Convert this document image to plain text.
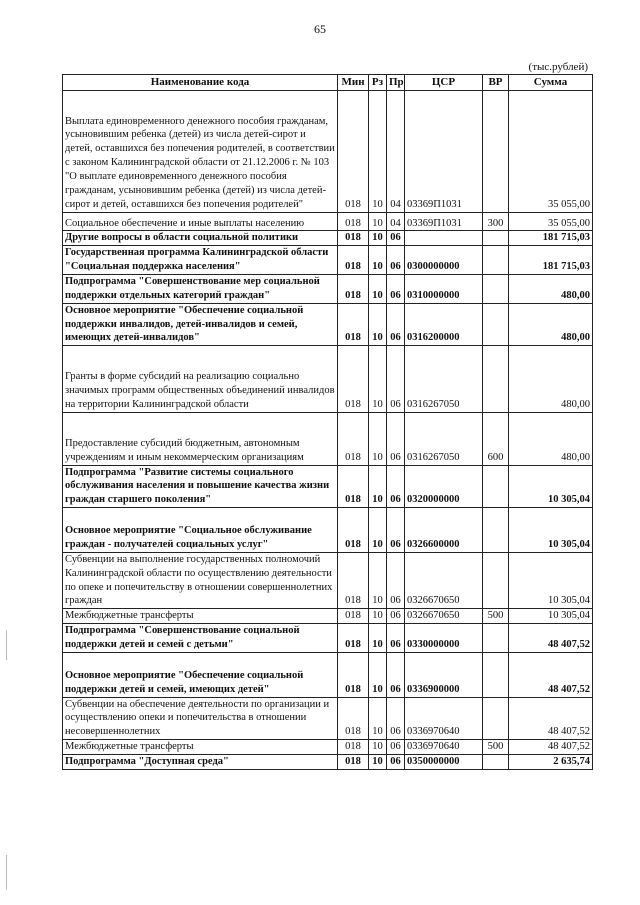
65
(тыс.рублей)
Наименование кода	Мин	Рз	Пр	ЦСР	ВР	Сумма
Выплата единовременного денежного пособия гражданам, усыновившим ребенка (детей) из числа детей-сирот и детей, оставшихся без попечения родителей, в соответствии с законом Калининградской области от 21.12.2006 г. № 103 "О выплате единовременного денежного пособия гражданам, усыновившим ребенка (детей) из числа детей-сирот и детей, оставшихся без попечения родителей"	018	10	04	03369П1031		35 055,00
Социальное обеспечение и иные выплаты населению	018	10	04	03369П1031	300	35 055,00
Другие вопросы в области социальной политики	018	10	06			181 715,03
Государственная программа Калининградской области "Социальная поддержка населения"	018	10	06	0300000000		181 715,03
Подпрограмма "Совершенствование мер социальной поддержки отдельных категорий граждан"	018	10	06	0310000000		480,00
Основное мероприятие "Обеспечение социальной поддержки инвалидов, детей-инвалидов и семей, имеющих детей-инвалидов"	018	10	06	0316200000		480,00
Гранты в форме субсидий на реализацию социально значимых программ общественных объединений инвалидов на территории Калининградской области	018	10	06	0316267050		480,00
Предоставление субсидий бюджетным, автономным учреждениям и иным некоммерческим организациям	018	10	06	0316267050	600	480,00
Подпрограмма "Развитие системы социального обслуживания населения и повышение качества жизни граждан старшего поколения"	018	10	06	0320000000		10 305,04
Основное мероприятие "Социальное обслуживание граждан - получателей социальных услуг"	018	10	06	0326600000		10 305,04
Субвенции на выполнение государственных полномочий Калининградской области по осуществлению деятельности по опеке и попечительству в отношении совершеннолетних граждан	018	10	06	0326670650		10 305,04
Межбюджетные трансферты	018	10	06	0326670650	500	10 305,04
Подпрограмма "Совершенствование социальной поддержки детей и семей с детьми"	018	10	06	0330000000		48 407,52
Основное мероприятие "Обеспечение социальной поддержки детей и семей, имеющих детей"	018	10	06	0336900000		48 407,52
Субвенции на обеспечение деятельности по организации и осуществлению опеки и попечительства в отношении несовершеннолетних	018	10	06	0336970640		48 407,52
Межбюджетные трансферты	018	10	06	0336970640	500	48 407,52
Подпрограмма "Доступная среда"	018	10	06	0350000000		2 635,74
